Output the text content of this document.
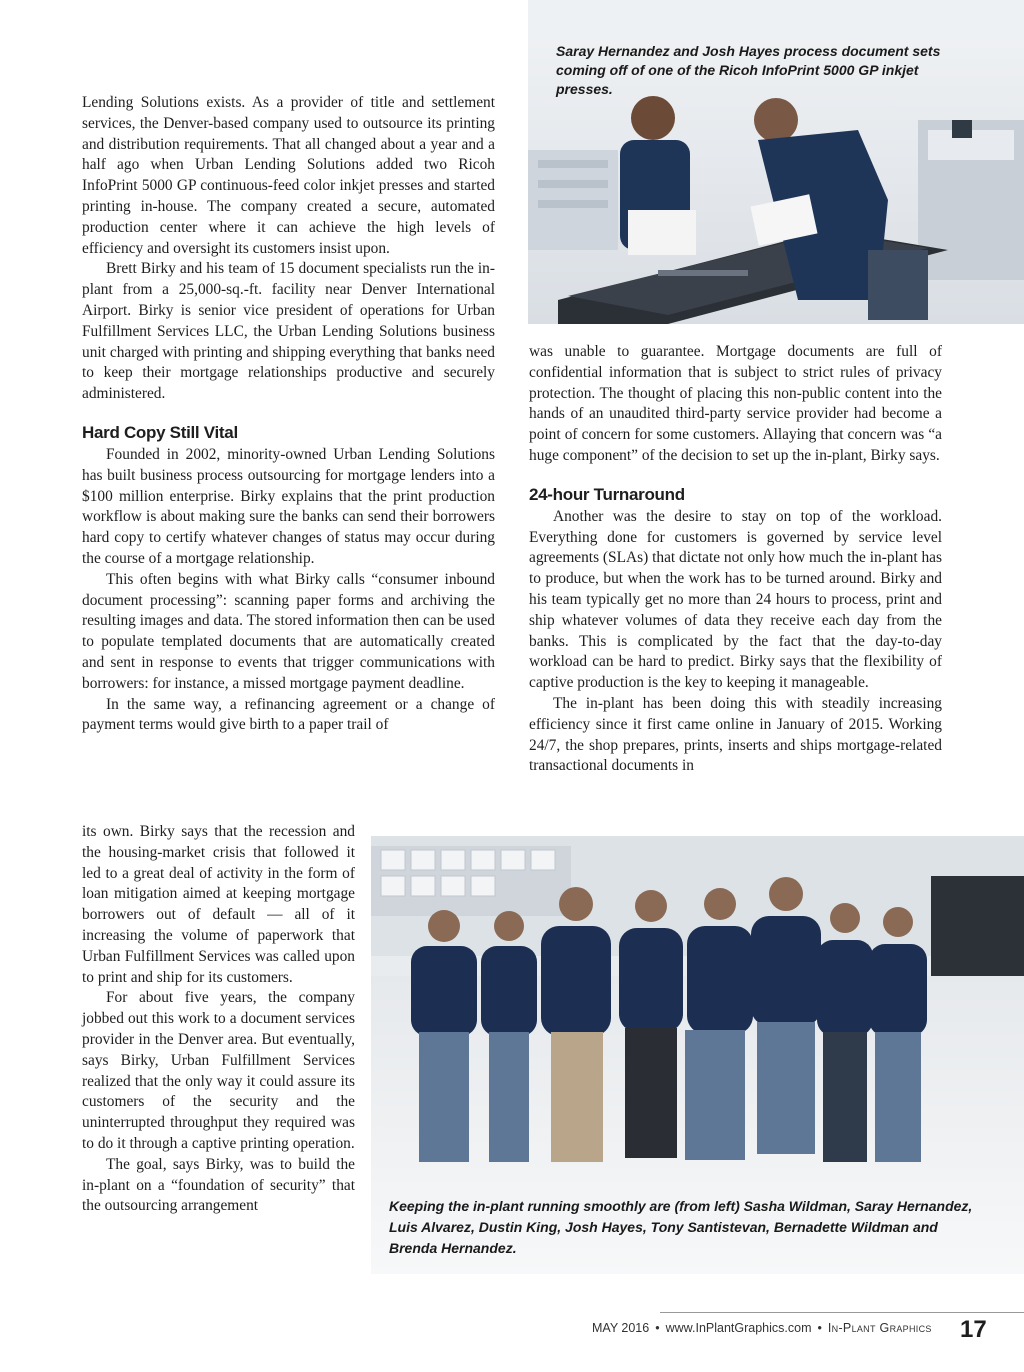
Saray Hernandez and Josh Hayes process document sets coming off of one of the Ricoh InfoPrint 5000 GP inkjet presses.

Lending Solutions exists. As a provider of title and settlement services, the Denver-based company used to outsource its printing and distribution requirements. That all changed about a year and a half ago when Urban Lending Solutions added two Ricoh InfoPrint 5000 GP continuous-feed color inkjet presses and started printing in-house. The company created a secure, automated production center where it can achieve the high levels of efficiency and oversight its customers insist upon.

Brett Birky and his team of 15 document specialists run the in-plant from a 25,000-sq.-ft. facility near Denver International Airport. Birky is senior vice president of operations for Urban Fulfillment Services LLC, the Urban Lending Solutions business unit charged with printing and shipping everything that banks need to keep their mortgage relationships productive and securely administered.

Hard Copy Still Vital

Founded in 2002, minority-owned Urban Lending Solutions has built business process outsourcing for mortgage lenders into a $100 million enterprise. Birky explains that the print production workflow is about making sure the banks can send their borrowers hard copy to certify whatever changes of status may occur during the course of a mortgage relationship.

This often begins with what Birky calls “consumer inbound document processing”: scanning paper forms and archiving the resulting images and data. The stored information then can be used to populate templated documents that are automatically created and sent in response to events that trigger communications with borrowers: for instance, a missed mortgage payment deadline.

In the same way, a refinancing agreement or a change of payment terms would give birth to a paper trail of

its own. Birky says that the recession and the housing-market crisis that followed it led to a great deal of activity in the form of loan mitigation aimed at keeping mortgage borrowers out of default — all of it increasing the volume of paperwork that Urban Fulfillment Services was called upon to print and ship for its customers.

For about five years, the company jobbed out this work to a document services provider in the Denver area. But eventually, says Birky, Urban Fulfillment Services realized that the only way it could assure its customers of the security and the uninterrupted throughput they required was to do it through a captive printing operation.

The goal, says Birky, was to build the in-plant on a “foundation of security” that the outsourcing arrangement

was unable to guarantee. Mortgage documents are full of confidential information that is subject to strict rules of privacy protection. The thought of placing this non-public content into the hands of an unaudited third-party service provider had become a point of concern for some customers. Allaying that concern was “a huge component” of the decision to set up the in-plant, Birky says.

24-hour Turnaround

Another was the desire to stay on top of the workload. Everything done for customers is governed by service level agreements (SLAs) that dictate not only how much the in-plant has to produce, but when the work has to be turned around. Birky and his team typically get no more than 24 hours to process, print and ship whatever volumes of data they receive each day from the banks. This is complicated by the fact that the day-to-day workload can be hard to predict. Birky says that the flexibility of captive production is the key to keeping it manageable.

The in-plant has been doing this with steadily increasing efficiency since it first came online in January of 2015. Working 24/7, the shop prepares, prints, inserts and ships mortgage-related transactional documents in

Keeping the in-plant running smoothly are (from left) Sasha Wildman, Saray Hernandez, Luis Alvarez, Dustin King, Josh Hayes, Tony Santistevan, Bernadette Wildman and Brenda Hernandez.
MAY 2016 • www.InPlantGraphics.com • In-Plant Graphics	17
